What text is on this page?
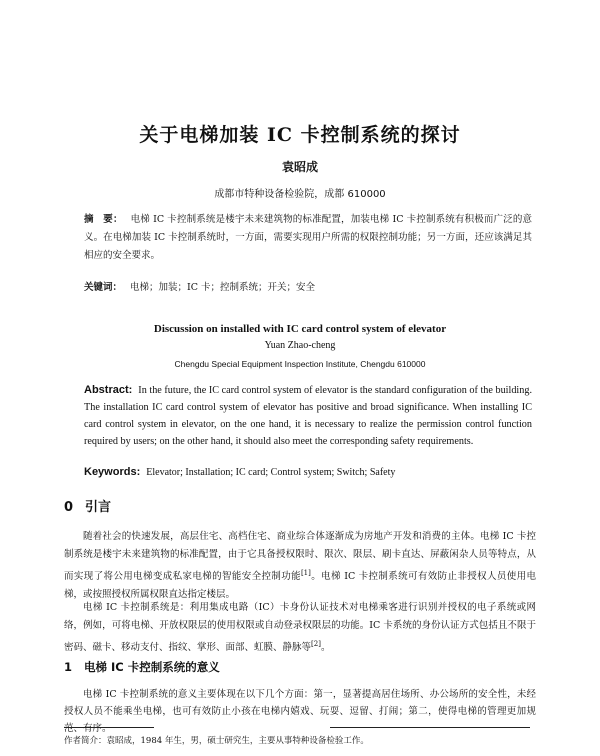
关于电梯加装 IC 卡控制系统的探讨
袁昭成
成都市特种设备检验院，成都 610000
摘　要： 电梯 IC 卡控制系统是楼宇未来建筑物的标准配置，加装电梯 IC 卡控制系统有积极而广泛的意义。在电梯加装 IC 卡控制系统时，一方面，需要实现用户所需的权限控制功能；另一方面，还应该满足其相应的安全要求。
关键词： 电梯；加装；IC 卡；控制系统；开关；安全
Discussion on installed with IC card control system of elevator
Yuan Zhao-cheng
Chengdu Special Equipment Inspection Institute, Chengdu 610000
Abstract: In the future, the IC card control system of elevator is the standard configuration of the building. The installation IC card control system of elevator has positive and broad significance. When installing IC card control system in elevator, on the one hand, it is necessary to realize the permission control function required by users; on the other hand, it should also meet the corresponding safety requirements.
Keywords: Elevator; Installation; IC card; Control system; Switch; Safety
0 引言
随着社会的快速发展，高层住宅、高档住宅、商业综合体逐渐成为房地产开发和消费的主体。电梯 IC 卡控制系统是楼宇未来建筑物的标准配置，由于它具备授权限时、限次、限层、刷卡直达、屏蔽闲杂人员等特点，从而实现了将公用电梯变成私家电梯的智能安全控制功能[1]。电梯 IC 卡控制系统可有效防止非授权人员使用电梯，或按照授权所属权限直达指定楼层。
电梯 IC 卡控制系统是：利用集成电路（IC）卡身份认证技术对电梯乘客进行识别并授权的电子系统或网络，例如，可将电梯、开放权限层的使用权限或自动登录权限层的功能。IC 卡系统的身份认证方式包括且不限于密码、磁卡、移动支付、指纹、掌形、面部、虹膜、静脉等[2]。
1 电梯 IC 卡控制系统的意义
电梯 IC 卡控制系统的意义主要体现在以下几个方面：第一，显著提高居住场所、办公场所的安全性，未经授权人员不能乘坐电梯，也可有效防止小孩在电梯内嬉戏、玩耍、逗留、打闹；第二，使得电梯的管理更加规范、有序。
作者简介：袁昭成，1984 年生，男，硕士研究生，主要从事特种设备检验工作。
